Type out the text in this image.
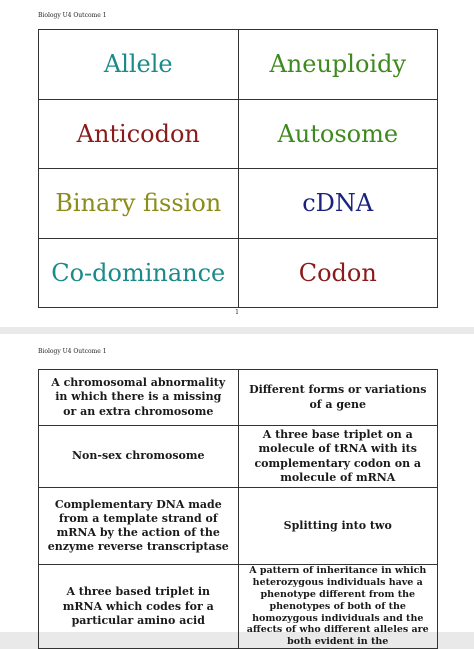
Biology U4 Outcome 1
Allele	Aneuploidy
Anticodon	Autosome
Binary fission	cDNA
Co-dominance	Codon
1
Biology U4 Outcome 1
A chromosomal abnormality in which there is a missing or an extra chromosome	Different forms or variations of a gene
Non-sex chromosome	A three base triplet on a molecule of tRNA with its complementary codon on a molecule of mRNA
Complementary DNA made from a template strand of mRNA by the action of the enzyme reverse transcriptase	Splitting into two
A three based triplet in mRNA which codes for a particular amino acid	A pattern of inheritance in which heterozygous individuals have a phenotype different from the phenotypes of both of the homozygous individuals and the affects of who different alleles are both evident in the
